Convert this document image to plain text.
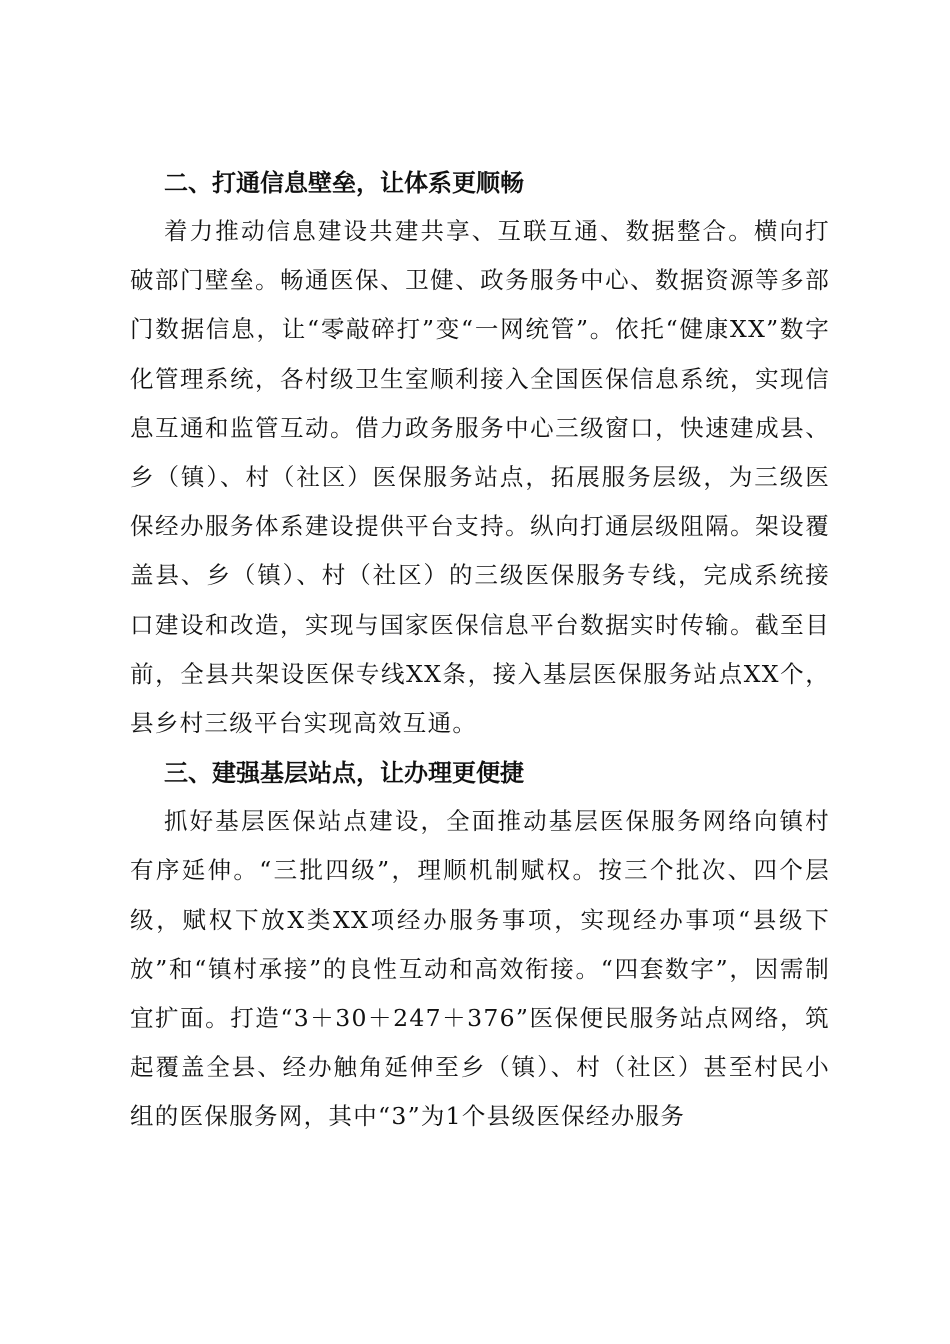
二、打通信息壁垒，让体系更顺畅

着力推动信息建设共建共享、互联互通、数据整合。横向打破部门壁垒。畅通医保、卫健、政务服务中心、数据资源等多部门数据信息，让“零敲碎打”变“一网统管”。依托“健康XX”数字化管理系统，各村级卫生室顺利接入全国医保信息系统，实现信息互通和监管互动。借力政务服务中心三级窗口，快速建成县、乡（镇）、村（社区）医保服务站点，拓展服务层级，为三级医保经办服务体系建设提供平台支持。纵向打通层级阻隔。架设覆盖县、乡（镇）、村（社区）的三级医保服务专线，完成系统接口建设和改造，实现与国家医保信息平台数据实时传输。截至目前，全县共架设医保专线XX条，接入基层医保服务站点XX个，县乡村三级平台实现高效互通。

三、建强基层站点，让办理更便捷

抓好基层医保站点建设，全面推动基层医保服务网络向镇村有序延伸。“三批四级”，理顺机制赋权。按三个批次、四个层级，赋权下放X类XX项经办服务事项，实现经办事项“县级下放”和“镇村承接”的良性互动和高效衔接。“四套数字”，因需制宜扩面。打造“3＋30＋247＋376”医保便民服务站点网络，筑起覆盖全县、经办触角延伸至乡（镇）、村（社区）甚至村民小组的医保服务网，其中“3”为1个县级医保经办服务
